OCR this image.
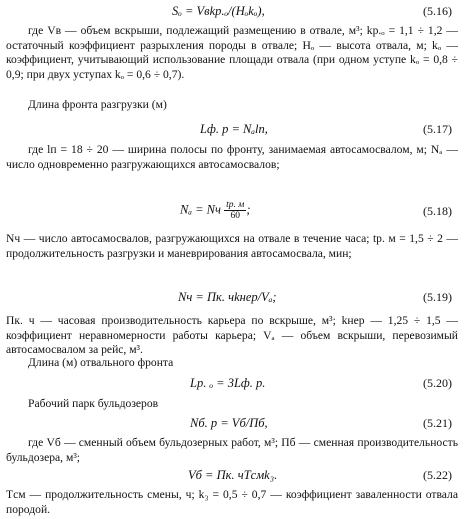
Sₒ = Vвkр.ₒ/(Hₒkₒ),	(5.16)

где Vв — объем вскрыши, подлежащий размещению в отвале, м³; kр.ₒ = 1,1 ÷ 1,2 — остаточный коэффициент разрыхления породы в отвале; Hₒ — высота отвала, м; kₒ — коэффициент, учитывающий использование площади отвала (при одном уступе kₒ = 0,8 ÷ 0,9; при двух уступах kₒ = 0,6 ÷ 0,7).

Длина фронта разгрузки (м)

Lф. р = Nₐlп,	(5.17)

где lп = 18 ÷ 20 — ширина полосы по фронту, занимаемая автосамосвалом, м; Nₐ — число одновременно разгружающихся автосамосвалов;

Nₐ = Nч $\frac{tр. м}{60}$ ;	(5.18)

Nч — число автосамосвалов, разгружающихся на отвале в течение часа; tр. м = 1,5 ÷ 2 — продолжительность разгрузки и маневрирования автосамосвала, мин;

Nч = Пк. чkнер/Vₐ;	(5.19)

Пк. ч — часовая производительность карьера по вскрыше, м³; kнер — 1,25 ÷ 1,5 — коэффициент неравномерности работы карьера; Vₐ — объем вскрыши, перевозимый автосамосвалом за рейс, м³.

Длина (м) отвального фронта

Lр. ₒ = 3Lф. р.	(5.20)

Рабочий парк бульдозеров

Nб. р = Vб/Пб,	(5.21)

где Vб — сменный объем бульдозерных работ, м³; Пб — сменная производительность бульдозера, м³;

Vб = Пк. чTсмk₃.	(5.22)

Tсм — продолжительность смены, ч; k₃ = 0,5 ÷ 0,7 — коэффициент заваленности отвала породой.
